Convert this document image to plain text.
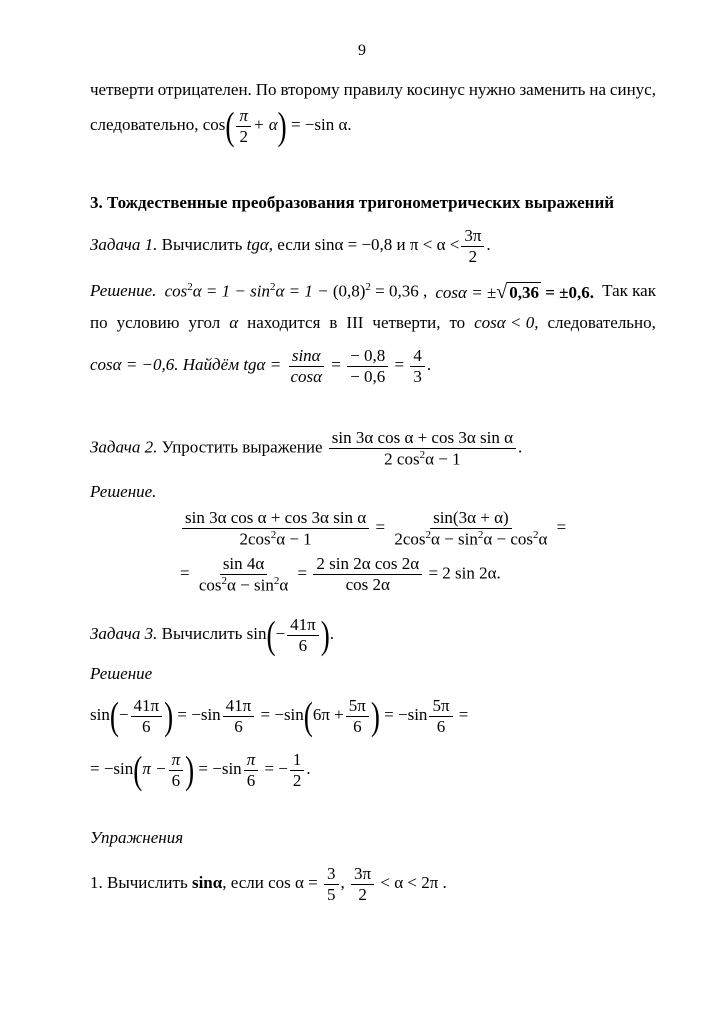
9
четверти отрицателен. По второму правилу косинус нужно заменить на синус,
следовательно, $\cos( \frac{\pi}{2} + \alpha) = -\sin$ α.
3. Тождественные преобразования тригонометрических выражений
Задача 1. Вычислить tgα, если sinα = −0,8 и $\pi < \alpha < \frac{3\pi}{2}$ .
Решение. $\cos^2\alpha = 1 - \sin^2\alpha = 1 - (0,8)^2 = 0,36$ , cosα = ±√ 0,36 = ±0,6. Так как
по условию угол α находится в III четверти, то cosα < 0, следовательно,
cosα = −0,6. Найдём $tg\alpha = \frac{\sin\alpha}{\cos\alpha} = \frac{- 0,8}{- 0,6} = \frac{4}{3}$ .
Задача 2. Упростить выражение $\frac{\text{sin 3α cos α + cos 3α sin α}}{2 \cos^2\alpha - 1}$ .
Решение.
$\frac{\text{sin 3α cos α + cos 3α sin α}}{2\cos^2\alpha - 1} = \frac{\sin(3\alpha + \alpha)}{2\cos^2\alpha - \sin^2\alpha - \cos^2\alpha}$ =
= $\frac{\sin 4\alpha}{\cos^2\alpha - \sin^2\alpha} = \frac{\text{2 sin 2α cos 2α}}{\cos 2\alpha} = 2$ sin 2α.
Задача 3. Вычислить $\sin(- \frac{41\pi}{6}$ ).
Решение
$\sin(- \frac{41\pi}{6}$ ) = $-\sin \frac{41\pi}{6} = -\sin(6\pi + \frac{5\pi}{6}$ ) = $-\sin \frac{5\pi}{6}$ =
= $-\sin(\pi - \frac{\pi}{6}$ ) = $-\sin \frac{\pi}{6}$ = − $\frac{1}{2}$ .
Упражнения
1. Вычислить sinα, если $\cos \alpha = \frac{3}{5}$ , $\frac{3\pi}{2} < \alpha < 2\pi$ .
